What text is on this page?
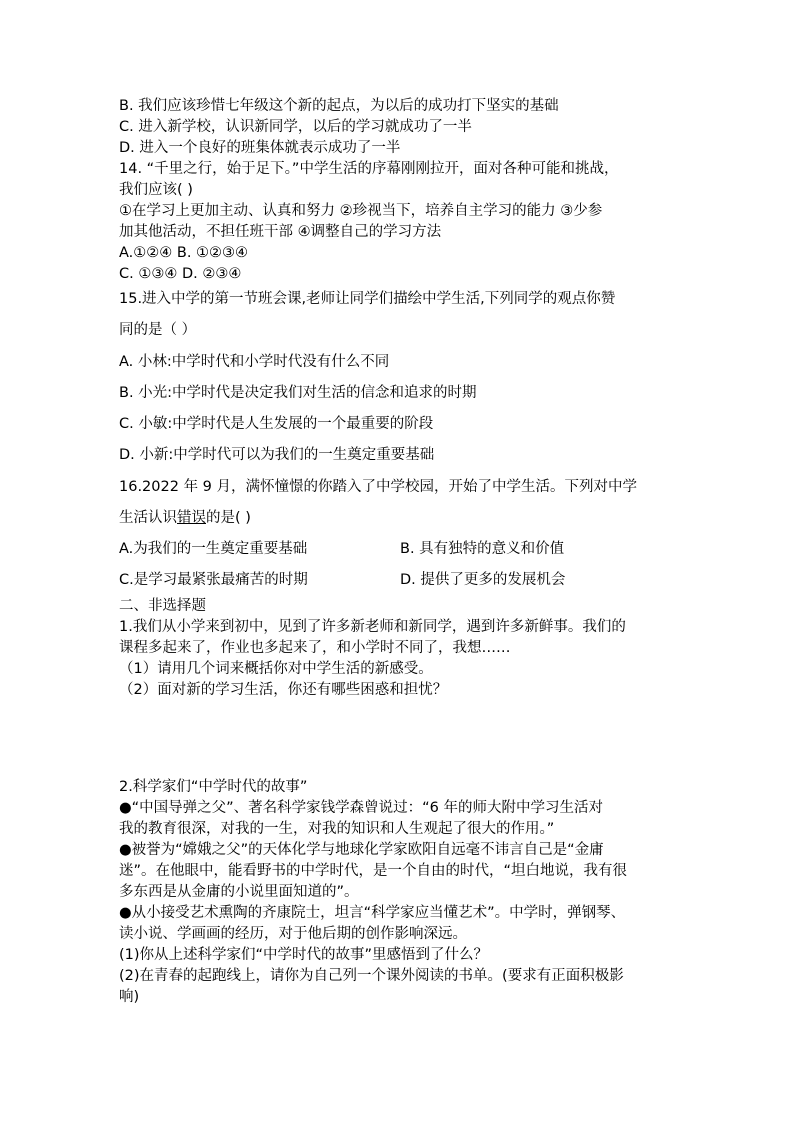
B. 我们应该珍惜七年级这个新的起点，为以后的成功打下坚实的基础
C. 进入新学校，认识新同学，以后的学习就成功了一半
D. 进入一个良好的班集体就表示成功了一半
14. “千里之行，始于足下。”中学生活的序幕刚刚拉开，面对各种可能和挑战，
我们应该( )
①在学习上更加主动、认真和努力 ②珍视当下，培养自主学习的能力 ③少参
加其他活动，不担任班干部 ④调整自己的学习方法
A.①②④ B. ①②③④
C. ①③④ D. ②③④
15.进入中学的第一节班会课,老师让同学们描绘中学生活,下列同学的观点你赞
同的是（ ）
A. 小林:中学时代和小学时代没有什么不同
B. 小光:中学时代是决定我们对生活的信念和追求的时期
C. 小敏:中学时代是人生发展的一个最重要的阶段
D. 小新:中学时代可以为我们的一生奠定重要基础
16.2022 年 9 月，满怀憧憬的你踏入了中学校园，开始了中学生活。下列对中学
生活认识错误的是( )
A.为我们的一生奠定重要基础	B. 具有独特的意义和价值
C.是学习最紧张最痛苦的时期	D. 提供了更多的发展机会
二、非选择题
1.我们从小学来到初中，见到了许多新老师和新同学，遇到许多新鲜事。我们的
课程多起来了，作业也多起来了，和小学时不同了，我想……
（1）请用几个词来概括你对中学生活的新感受。
（2）面对新的学习生活，你还有哪些困惑和担忧？
2.科学家们“中学时代的故事”
●“中国导弹之父”、著名科学家钱学森曾说过：“6 年的师大附中学习生活对
我的教育很深，对我的一生，对我的知识和人生观起了很大的作用。”
●被誉为“嫦娥之父”的天体化学与地球化学家欧阳自远毫不讳言自己是“金庸
迷”。在他眼中，能看野书的中学时代，是一个自由的时代，“坦白地说，我有很
多东西是从金庸的小说里面知道的”。
●从小接受艺术熏陶的齐康院士，坦言“科学家应当懂艺术”。中学时，弹钢琴、
读小说、学画画的经历，对于他后期的创作影响深远。
(1)你从上述科学家们“中学时代的故事”里感悟到了什么？
(2)在青春的起跑线上，请你为自己列一个课外阅读的书单。(要求有正面积极影
响)
